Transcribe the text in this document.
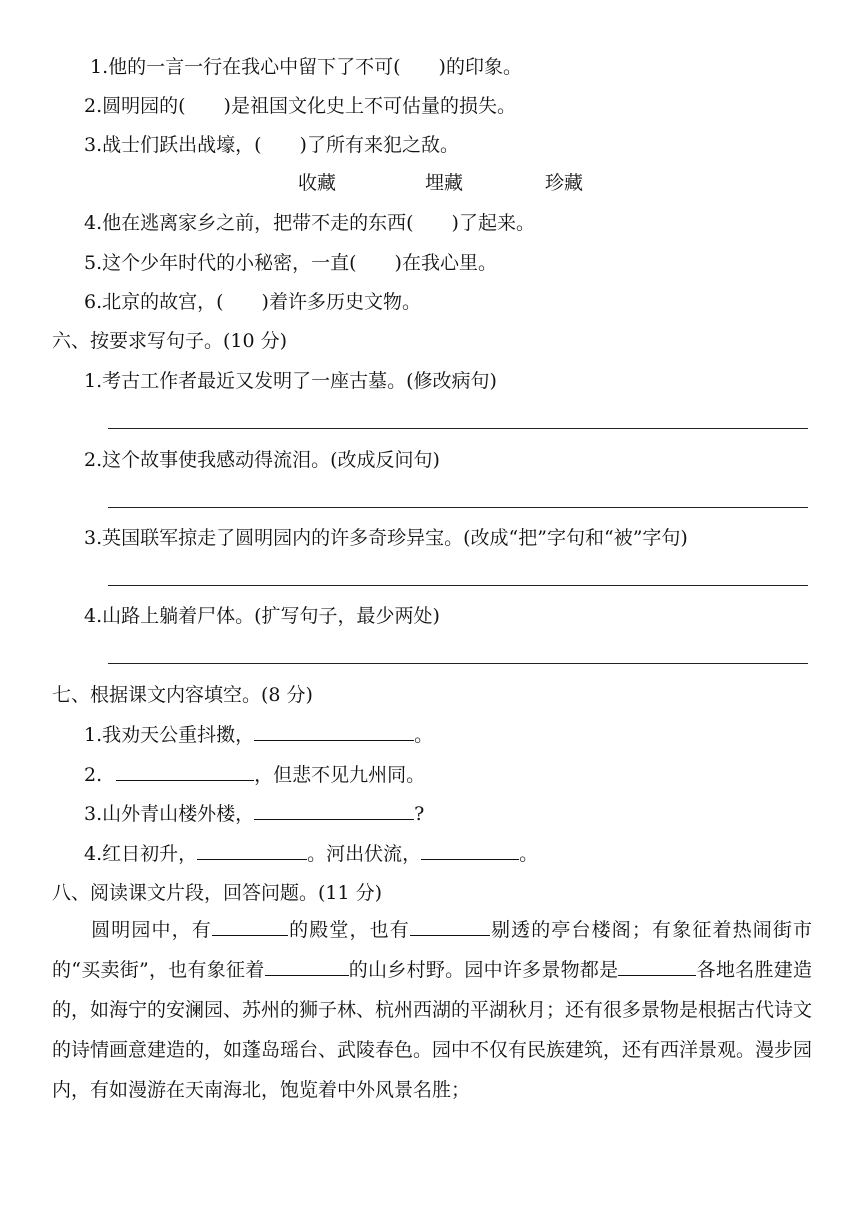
1.他的一言一行在我心中留下了不可(　　)的印象。
2.圆明园的(　　)是祖国文化史上不可估量的损失。
3.战士们跃出战壕，(　　)了所有来犯之敌。
收藏	埋藏	珍藏
4.他在逃离家乡之前，把带不走的东西(　　)了起来。
5.这个少年时代的小秘密，一直(　　)在我心里。
6.北京的故宫，(　　)着许多历史文物。
六、按要求写句子。(10 分)
1.考古工作者最近又发明了一座古墓。(修改病句)
2.这个故事使我感动得流泪。(改成反问句)
3.英国联军掠走了圆明园内的许多奇珍异宝。(改成“把”字句和“被”字句)
4.山路上躺着尸体。(扩写句子，最少两处)
七、根据课文内容填空。(8 分)
1.我劝天公重抖擞，	。
2.	，但悲不见九州同。
3.山外青山楼外楼，	?
4.红日初升，	。河出伏流，	。
八、阅读课文片段，回答问题。(11 分)
圆明园中，有	的殿堂，也有	剔透的亭台楼阁；有象征着热闹街市的“买卖街”，也有象征着	的山乡村野。园中许多景物都是	各地名胜建造的，如海宁的安澜园、苏州的狮子林、杭州西湖的平湖秋月；还有很多景物是根据古代诗文的诗情画意建造的，如蓬岛瑶台、武陵春色。园中不仅有民族建筑，还有西洋景观。漫步园内，有如漫游在天南海北，饱览着中外风景名胜；
